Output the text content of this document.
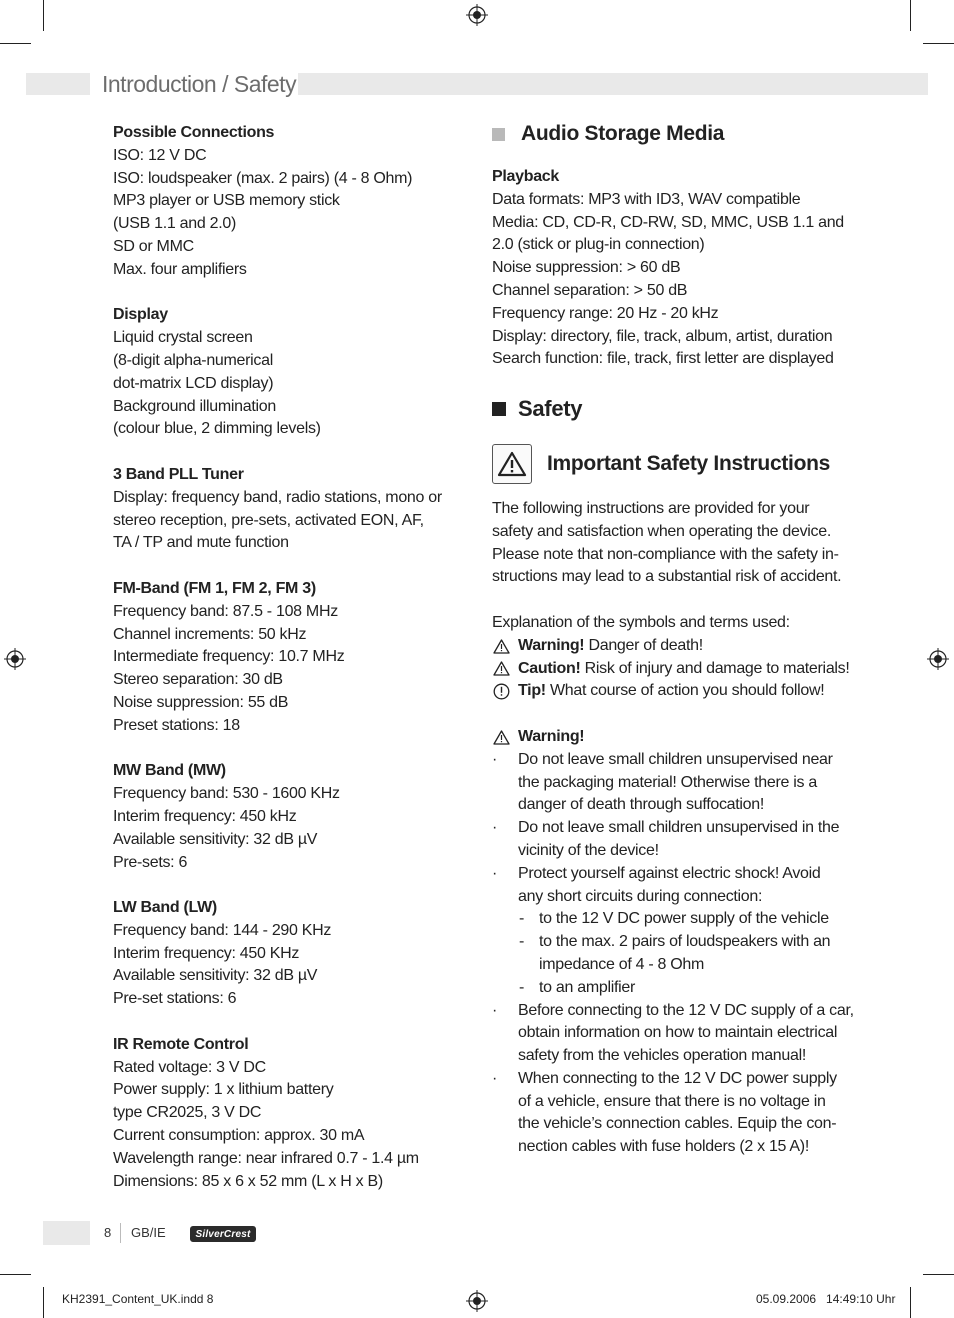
Introduction / Safety
Possible Connections
ISO: 12 V DC
ISO: loudspeaker (max. 2 pairs) (4 - 8 Ohm)
MP3 player or USB memory stick
(USB 1.1 and 2.0)
SD or MMC
Max. four amplifiers
Display
Liquid crystal screen
(8-digit alpha-numerical
dot-matrix LCD display)
Background illumination
(colour blue, 2 dimming levels)
3 Band PLL Tuner
Display: frequency band, radio stations, mono or
stereo reception, pre-sets, activated EON, AF,
TA / TP and mute function
FM-Band (FM 1, FM 2, FM 3)
Frequency band: 87.5 - 108 MHz
Channel increments: 50 kHz
Intermediate frequency: 10.7 MHz
Stereo separation: 30 dB
Noise suppression: 55 dB
Preset stations: 18
MW Band (MW)
Frequency band: 530 - 1600 KHz
Interim frequency: 450 kHz
Available sensitivity: 32 dB µV
Pre-sets: 6
LW Band (LW)
Frequency band: 144 - 290 KHz
Interim frequency: 450 KHz
Available sensitivity: 32 dB µV
Pre-set stations: 6
IR Remote Control
Rated voltage: 3 V DC
Power supply: 1 x lithium battery
type CR2025, 3 V DC
Current consumption: approx. 30 mA
Wavelength range: near infrared 0.7 - 1.4 µm
Dimensions: 85 x 6 x 52 mm (L x H x B)
Audio Storage Media
Playback
Data formats: MP3 with ID3, WAV compatible
Media: CD, CD-R, CD-RW, SD, MMC, USB 1.1 and
2.0 (stick or plug-in connection)
Noise suppression: > 60 dB
Channel separation: > 50 dB
Frequency range: 20 Hz - 20 kHz
Display: directory, file, track, album, artist, duration
Search function: file, track, first letter are displayed
Safety
Important Safety Instructions
The following instructions are provided for your
safety and satisfaction when operating the device.
Please note that non-compliance with the safety in-
structions may lead to a substantial risk of accident.
Explanation of the symbols and terms used:
Warning!
Danger of death!
Caution!
Risk of injury and damage to materials!
Tip!
What course of action you should follow!
Warning!
· Do not leave small children unsupervised near
the packaging material! Otherwise there is a
danger of death through suffocation!
· Do not leave small children unsupervised in the
vicinity of the device!
· Protect yourself against electric shock! Avoid
any short circuits during connection:
- to the 12 V DC power supply of the vehicle
- to the max. 2 pairs of loudspeakers with an
impedance of 4 - 8 Ohm
- to an amplifier
· Before connecting to the 12 V DC supply of a car,
obtain information on how to maintain electrical
safety from the vehicles operation manual!
· When connecting to the 12 V DC power supply
of a vehicle, ensure that there is no voltage in
the vehicle’s connection cables. Equip the con-
nection cables with fuse holders (2 x 15 A)!
8 GB/IE	SilverCrest
KH2391_Content_UK.indd 8	05.09.2006   14:49:10 Uhr
